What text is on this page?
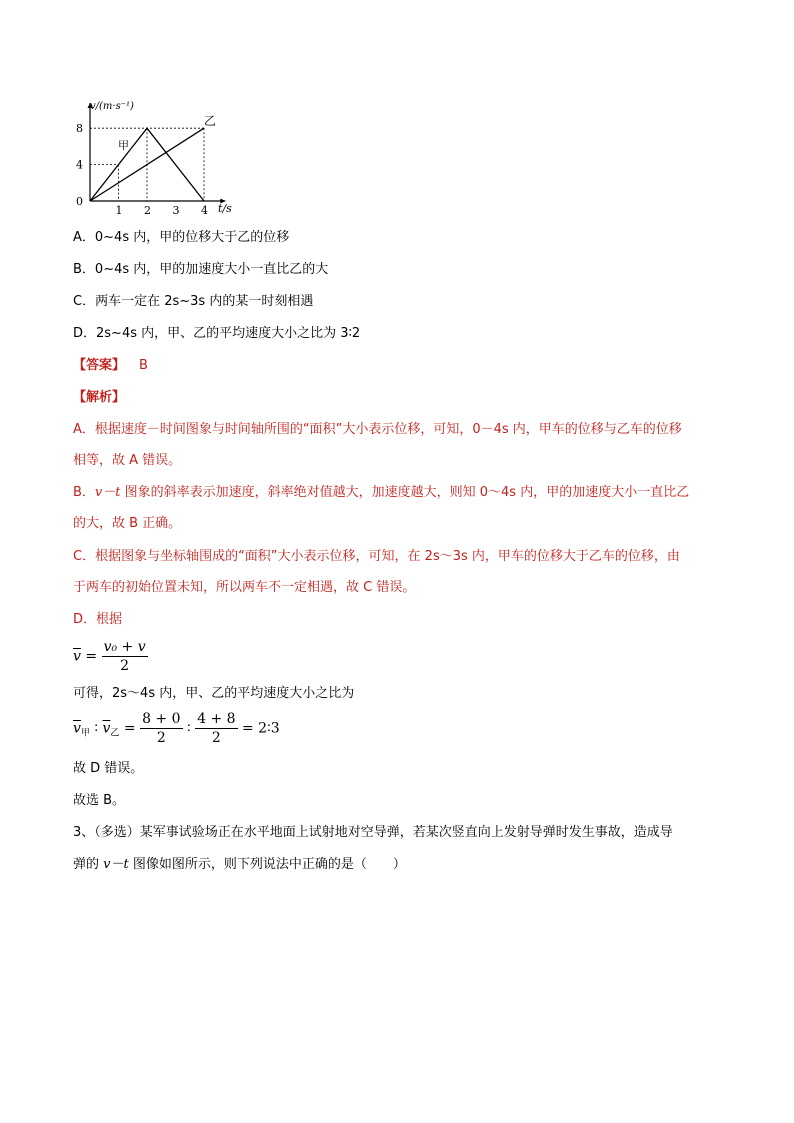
1 2 3 4
0
4
8
v/(m·s⁻¹)
t/s
甲
乙
A．0~4s 内，甲的位移大于乙的位移
B．0~4s 内，甲的加速度大小一直比乙的大
C．两车一定在 2s~3s 内的某一时刻相遇
D．2s~4s 内，甲、乙的平均速度大小之比为 3∶2
【答案】 B
【解析】
A．根据速度－时间图象与时间轴所围的“面积”大小表示位移，可知，0－4s 内，甲车的位移与乙车的位移
相等，故 A 错误。
B．v－t 图象的斜率表示加速度，斜率绝对值越大，加速度越大，则知 0～4s 内，甲的加速度大小一直比乙
的大，故 B 正确。
C．根据图象与坐标轴围成的“面积”大小表示位移，可知，在 2s～3s 内，甲车的位移大于乙车的位移，由
于两车的初始位置未知，所以两车不一定相遇，故 C 错误。
D．根据
$\overline{v} = \frac{\text{v₀ + v}}{2}$
可得，2s～4s 内，甲、乙的平均速度大小之比为
$\overline{v}_甲$ ∶ $\overline{v}_乙 = \frac{8 + 0}{2}$ ∶ $\frac{4 + 8}{2}$ = 2∶3
故 D 错误。
故选 B。
3、（多选）某军事试验场正在水平地面上试射地对空导弹，若某次竖直向上发射导弹时发生事故，造成导
弹的 v－t 图像如图所示，则下列说法中正确的是（　　）
